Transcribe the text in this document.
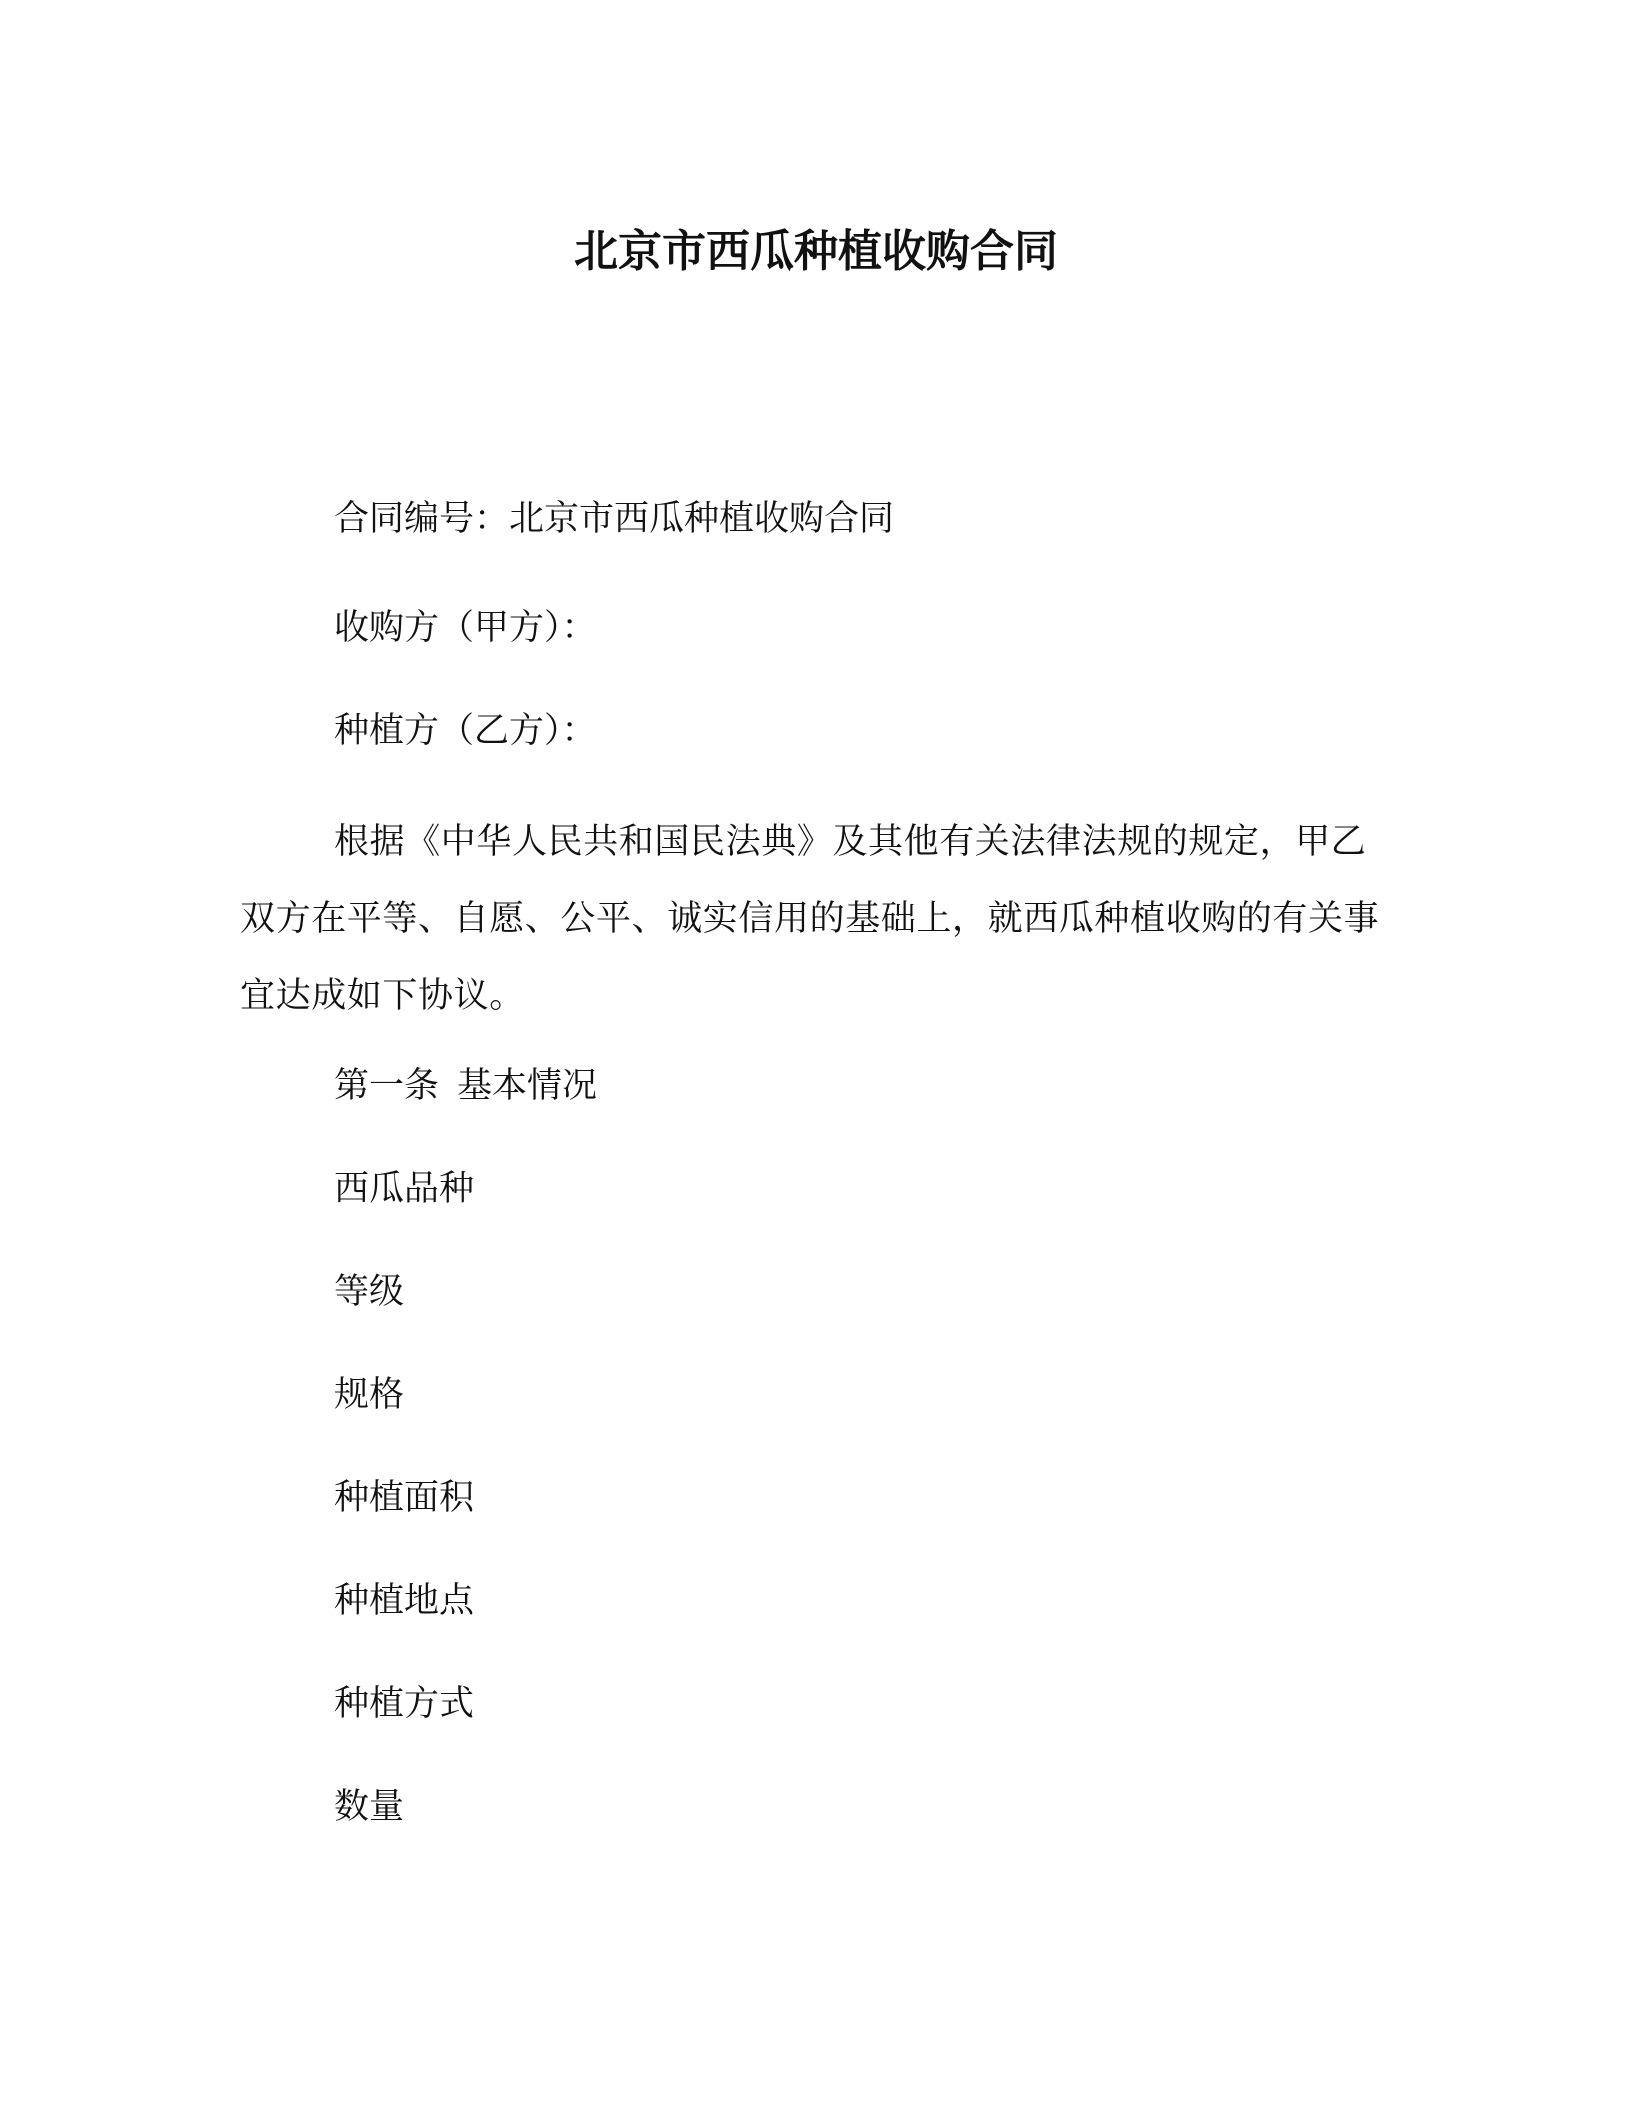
北京市西瓜种植收购合同

合同编号：北京市西瓜种植收购合同

收购方（甲方）：

种植方（乙方）：

根据《中华人民共和国民法典》及其他有关法律法规的规定，甲乙双方在平等、自愿、公平、诚实信用的基础上，就西瓜种植收购的有关事宜达成如下协议。

第一条 基本情况

西瓜品种

等级

规格

种植面积

种植地点

种植方式

数量
